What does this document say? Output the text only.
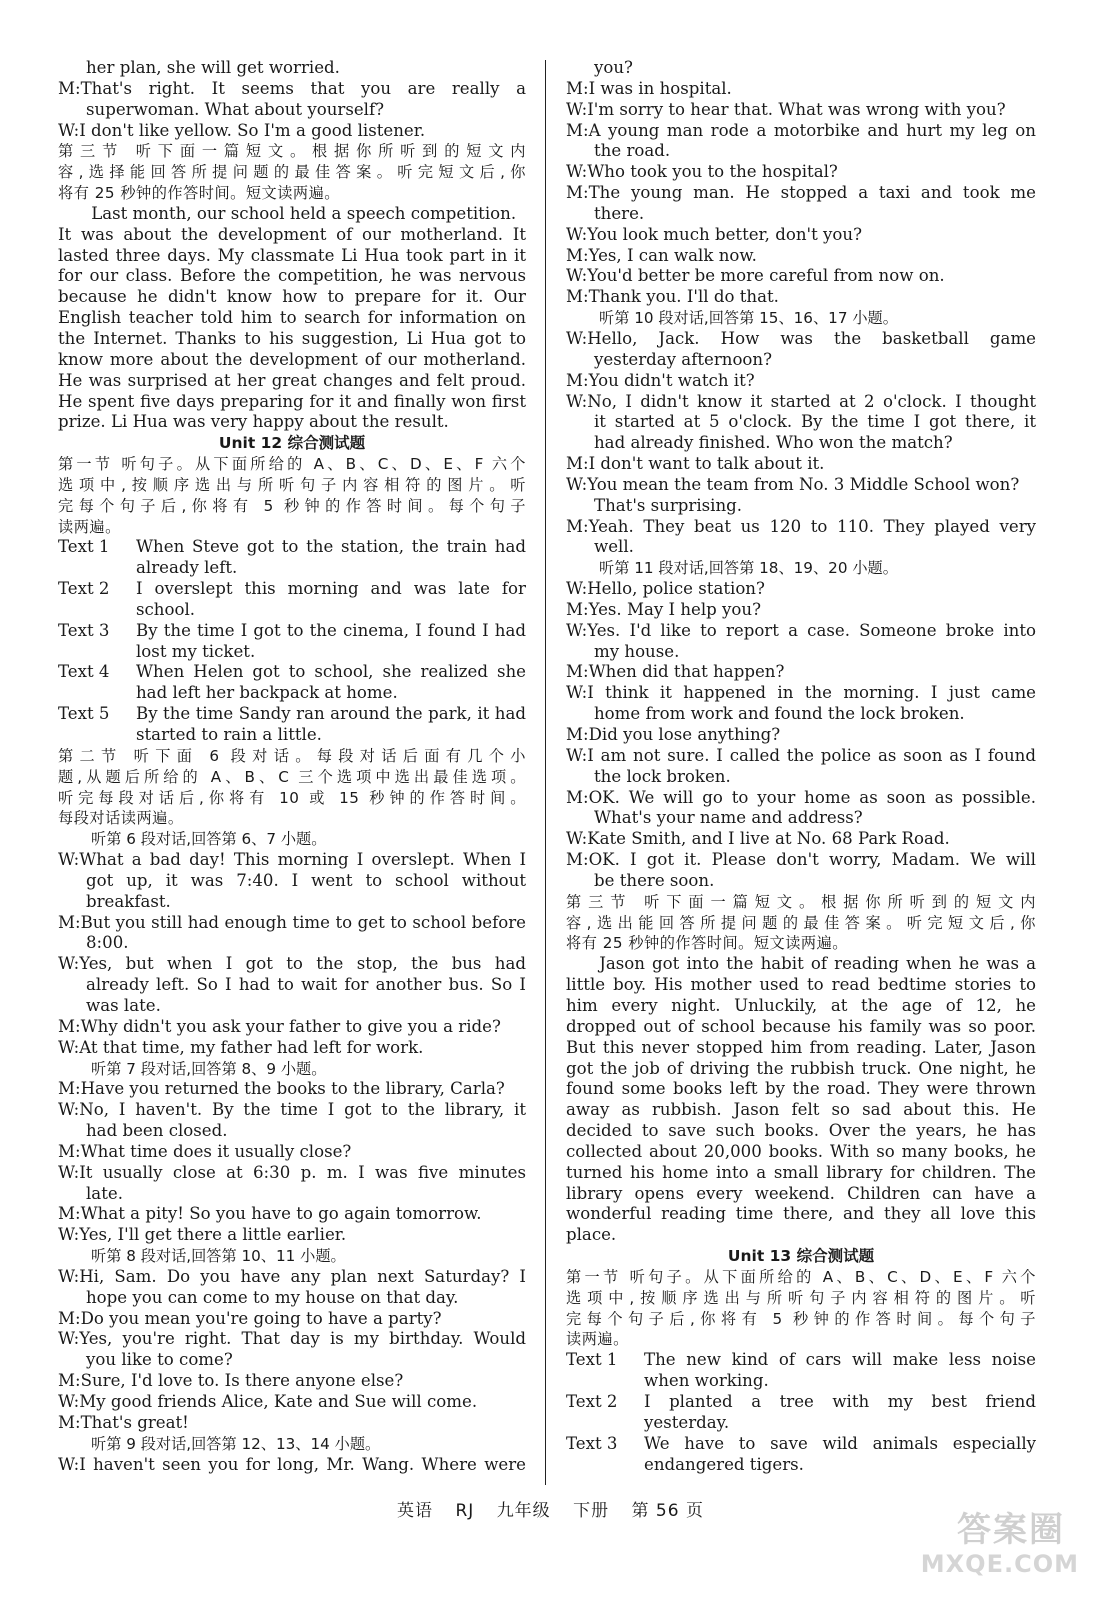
her plan, she will get worried.

M:That's right. It seems that you are really a

superwoman. What about yourself?

W:I don't like yellow. So I'm a good listener.

第三节 听下面一篇短文。根据你所听到的短文内

容,选择能回答所提问题的最佳答案。听完短文后,你

将有 25 秒钟的作答时间。短文读两遍。

Last month, our school held a speech competition.

It was about the development of our motherland. It

lasted three days. My classmate Li Hua took part in it

for our class. Before the competition, he was nervous

because he didn't know how to prepare for it. Our

English teacher told him to search for information on

the Internet. Thanks to his suggestion, Li Hua got to

know more about the development of our motherland.

He was surprised at her great changes and felt proud.

He spent five days preparing for it and finally won first

prize. Li Hua was very happy about the result.

Unit 12 综合测试题

第一节 听句子。从下面所给的 A、B、C、D、E、F 六个

选项中,按顺序选出与所听句子内容相符的图片。听

完每个句子后,你将有 5 秒钟的作答时间。每个句子

读两遍。

Text 1	When Steve got to the station, the train had

already left.

Text 2	I overslept this morning and was late for

school.

Text 3	By the time I got to the cinema, I found I had

lost my ticket.

Text 4	When Helen got to school, she realized she

had left her backpack at home.

Text 5	By the time Sandy ran around the park, it had

started to rain a little.

第二节 听下面 6 段对话。每段对话后面有几个小

题,从题后所给的 A、B、C 三个选项中选出最佳选项。

听完每段对话后,你将有 10 或 15 秒钟的作答时间。

每段对话读两遍。

听第 6 段对话,回答第 6、7 小题。

W:What a bad day! This morning I overslept. When I

got up, it was 7:40. I went to school without

breakfast.

M:But you still had enough time to get to school before

8:00.

W:Yes, but when I got to the stop, the bus had

already left. So I had to wait for another bus. So I

was late.

M:Why didn't you ask your father to give you a ride?

W:At that time, my father had left for work.

听第 7 段对话,回答第 8、9 小题。

M:Have you returned the books to the library, Carla?

W:No, I haven't. By the time I got to the library, it

had been closed.

M:What time does it usually close?

W:It usually close at 6:30 p. m. I was five minutes

late.

M:What a pity! So you have to go again tomorrow.

W:Yes, I'll get there a little earlier.

听第 8 段对话,回答第 10、11 小题。

W:Hi, Sam. Do you have any plan next Saturday? I

hope you can come to my house on that day.

M:Do you mean you're going to have a party?

W:Yes, you're right. That day is my birthday. Would

you like to come?

M:Sure, I'd love to. Is there anyone else?

W:My good friends Alice, Kate and Sue will come.

M:That's great!

听第 9 段对话,回答第 12、13、14 小题。

W:I haven't seen you for long, Mr. Wang. Where were

you?

M:I was in hospital.

W:I'm sorry to hear that. What was wrong with you?

M:A young man rode a motorbike and hurt my leg on

the road.

W:Who took you to the hospital?

M:The young man. He stopped a taxi and took me

there.

W:You look much better, don't you?

M:Yes, I can walk now.

W:You'd better be more careful from now on.

M:Thank you. I'll do that.

听第 10 段对话,回答第 15、16、17 小题。

W:Hello, Jack. How was the basketball game

yesterday afternoon?

M:You didn't watch it?

W:No, I didn't know it started at 2 o'clock. I thought

it started at 5 o'clock. By the time I got there, it

had already finished. Who won the match?

M:I don't want to talk about it.

W:You mean the team from No. 3 Middle School won?

That's surprising.

M:Yeah. They beat us 120 to 110. They played very

well.

听第 11 段对话,回答第 18、19、20 小题。

W:Hello, police station?

M:Yes. May I help you?

W:Yes. I'd like to report a case. Someone broke into

my house.

M:When did that happen?

W:I think it happened in the morning. I just came

home from work and found the lock broken.

M:Did you lose anything?

W:I am not sure. I called the police as soon as I found

the lock broken.

M:OK. We will go to your home as soon as possible.

What's your name and address?

W:Kate Smith, and I live at No. 68 Park Road.

M:OK. I got it. Please don't worry, Madam. We will

be there soon.

第三节 听下面一篇短文。根据你所听到的短文内

容,选出能回答所提问题的最佳答案。听完短文后,你

将有 25 秒钟的作答时间。短文读两遍。

Jason got into the habit of reading when he was a

little boy. His mother used to read bedtime stories to

him every night. Unluckily, at the age of 12, he

dropped out of school because his family was so poor.

But this never stopped him from reading. Later, Jason

got the job of driving the rubbish truck. One night, he

found some books left by the road. They were thrown

away as rubbish. Jason felt so sad about this. He

decided to save such books. Over the years, he has

collected about 20,000 books. With so many books, he

turned his home into a small library for children. The

library opens every weekend. Children can have a

wonderful reading time there, and they all love this

place.

Unit 13 综合测试题

第一节 听句子。从下面所给的 A、B、C、D、E、F 六个

选项中,按顺序选出与所听句子内容相符的图片。听

完每个句子后,你将有 5 秒钟的作答时间。每个句子

读两遍。

Text 1	The new kind of cars will make less noise

when working.

Text 2	I planted a tree with my best friend

yesterday.

Text 3	We have to save wild animals especially

endangered tigers.

英语 RJ 九年级 下册 第 56 页	答案圈
MXQE.COM
